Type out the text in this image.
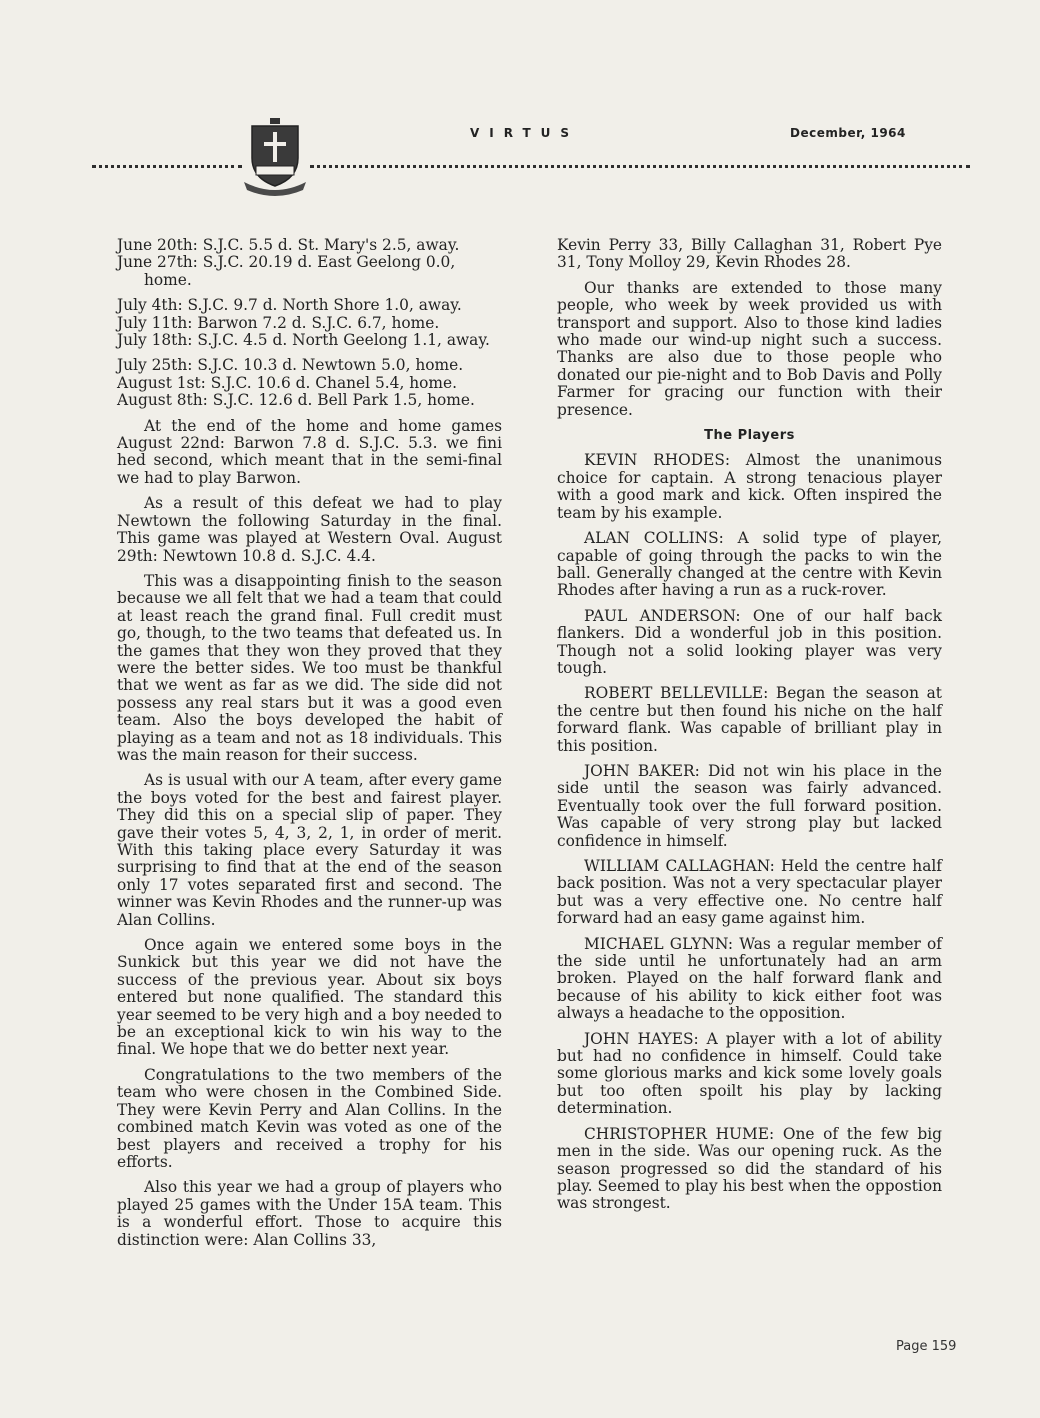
VIRTUS	December, 1964

June 20th: S.J.C. 5.5 d. St. Mary's 2.5, away.

June 27th: S.J.C. 20.19 d. East Geelong 0.0, home.

July 4th: S.J.C. 9.7 d. North Shore 1.0, away.

July 11th: Barwon 7.2 d. S.J.C. 6.7, home.

July 18th: S.J.C. 4.5 d. North Geelong 1.1, away.

July 25th: S.J.C. 10.3 d. Newtown 5.0, home.

August 1st: S.J.C. 10.6 d. Chanel 5.4, home.

August 8th: S.J.C. 12.6 d. Bell Park 1.5, home.

At the end of the home and home games August 22nd: Barwon 7.8 d. S.J.C. 5.3. we fini hed second, which meant that in the semi-final we had to play Barwon.

As a result of this defeat we had to play Newtown the following Saturday in the final. This game was played at Western Oval. August 29th: Newtown 10.8 d. S.J.C. 4.4.

This was a disappointing finish to the season because we all felt that we had a team that could at least reach the grand final. Full credit must go, though, to the two teams that defeated us. In the games that they won they proved that they were the better sides. We too must be thankful that we went as far as we did. The side did not possess any real stars but it was a good even team. Also the boys developed the habit of playing as a team and not as 18 individuals. This was the main reason for their success.

As is usual with our A team, after every game the boys voted for the best and fairest player. They did this on a special slip of paper. They gave their votes 5, 4, 3, 2, 1, in order of merit. With this taking place every Saturday it was surprising to find that at the end of the season only 17 votes separated first and second. The winner was Kevin Rhodes and the runner-up was Alan Collins.

Once again we entered some boys in the Sunkick but this year we did not have the success of the previous year. About six boys entered but none qualified. The standard this year seemed to be very high and a boy needed to be an exceptional kick to win his way to the final. We hope that we do better next year.

Congratulations to the two members of the team who were chosen in the Combined Side. They were Kevin Perry and Alan Collins. In the combined match Kevin was voted as one of the best players and received a trophy for his efforts.

Also this year we had a group of players who played 25 games with the Under 15A team. This is a wonderful effort. Those to acquire this distinction were: Alan Collins 33,

Kevin Perry 33, Billy Callaghan 31, Robert Pye 31, Tony Molloy 29, Kevin Rhodes 28.

Our thanks are extended to those many people, who week by week provided us with transport and support. Also to those kind ladies who made our wind-up night such a success. Thanks are also due to those people who donated our pie-night and to Bob Davis and Polly Farmer for gracing our function with their presence.

The Players

KEVIN RHODES: Almost the unanimous choice for captain. A strong tenacious player with a good mark and kick. Often inspired the team by his example.

ALAN COLLINS: A solid type of player, capable of going through the packs to win the ball. Generally changed at the centre with Kevin Rhodes after having a run as a ruck-rover.

PAUL ANDERSON: One of our half back flankers. Did a wonderful job in this position. Though not a solid looking player was very tough.

ROBERT BELLEVILLE: Began the season at the centre but then found his niche on the half forward flank. Was capable of brilliant play in this position.

JOHN BAKER: Did not win his place in the side until the season was fairly advanced. Eventually took over the full forward position. Was capable of very strong play but lacked confidence in himself.

WILLIAM CALLAGHAN: Held the centre half back position. Was not a very spectacular player but was a very effective one. No centre half forward had an easy game against him.

MICHAEL GLYNN: Was a regular member of the side until he unfortunately had an arm broken. Played on the half forward flank and because of his ability to kick either foot was always a headache to the opposition.

JOHN HAYES: A player with a lot of ability but had no confidence in himself. Could take some glorious marks and kick some lovely goals but too often spoilt his play by lacking determination.

CHRISTOPHER HUME: One of the few big men in the side. Was our opening ruck. As the season progressed so did the standard of his play. Seemed to play his best when the oppostion was strongest.

Page 159
